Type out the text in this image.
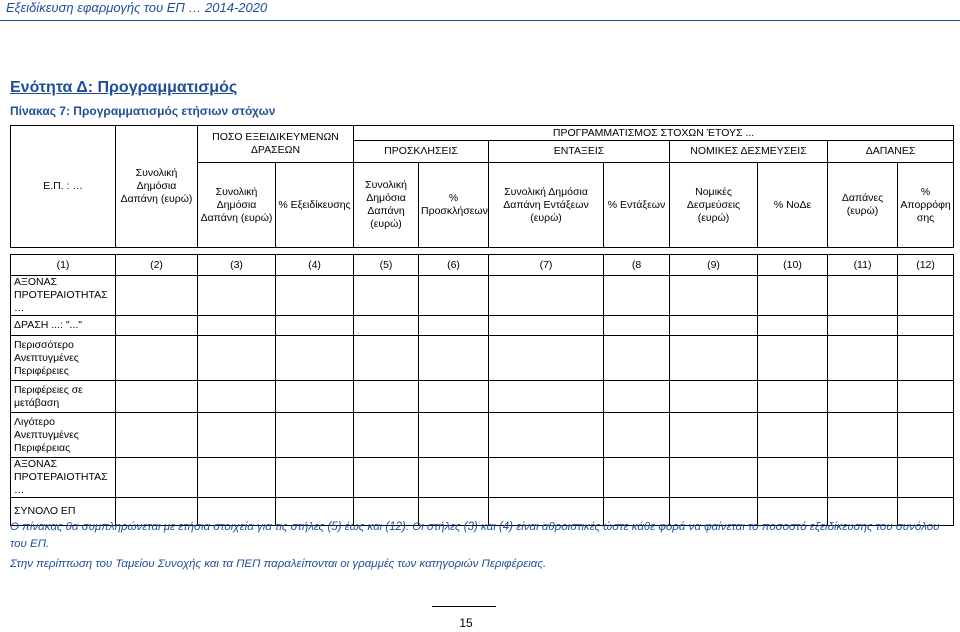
Εξειδίκευση εφαρμογής του ΕΠ … 2014-2020
Ενότητα Δ: Προγραμματισμός
Πίνακας 7: Προγραμματισμός ετήσιων στόχων
Ε.Π. : …	Συνολική Δημόσια Δαπάνη (ευρώ)	ΠΟΣΟ ΕΞΕΙΔΙΚΕΥΜΕΝΩΝ ΔΡΑΣΕΩΝ		ΠΡΟΓΡΑΜΜΑΤΙΣΜΟΣ ΣΤΟΧΩΝ ΈΤΟΥΣ ...							
				ΠΡΟΣΚΛΗΣΕΙΣ		ΕΝΤΑΞΕΙΣ		ΝΟΜΙΚΕΣ ΔΕΣΜΕΥΣΕΙΣ		ΔΑΠΑΝΕΣ	
		Συνολική Δημόσια Δαπάνη (ευρώ)	% Εξειδίκευσης	Συνολική Δημόσια Δαπάνη (ευρώ)	% Προσκλήσεων	Συνολική Δημόσια Δαπάνη Εντάξεων (ευρώ)	% Εντάξεων	Νομικές Δεσμεύσεις (ευρώ)	% ΝοΔε	Δαπάνες (ευρώ)	% Απορρόφη σης

(1)	(2)	(3)	(4)	(5)	(6)	(7)	(8	(9)	(10)	(11)	(12)
ΑΞΟΝΑΣ ΠΡΟΤΕΡΑΙΟΤΗΤΑΣ …											
ΔΡΑΣΗ ...: "..."											
Περισσότερο Ανεπτυγμένες Περιφέρειες											
Περιφέρειες σε μετάβαση											
Λιγότερο Ανεπτυγμένες Περιφέρειας											
ΑΞΟΝΑΣ ΠΡΟΤΕΡΑΙΟΤΗΤΑΣ …											
ΣΥΝΟΛΟ ΕΠ											
Ο πίνακας θα συμπληρώνεται με ετήσια στοιχεία για τις στήλες (5) έως και (12). Οι στήλες (3) και (4) είναι αθροιστικές ώστε κάθε φορά να φαίνεται το ποσοστό εξειδίκευσης του συνόλου του ΕΠ.
Στην περίπτωση του Ταμείου Συνοχής και τα ΠΕΠ παραλείπονται οι γραμμές των κατηγοριών Περιφέρειας.
15
